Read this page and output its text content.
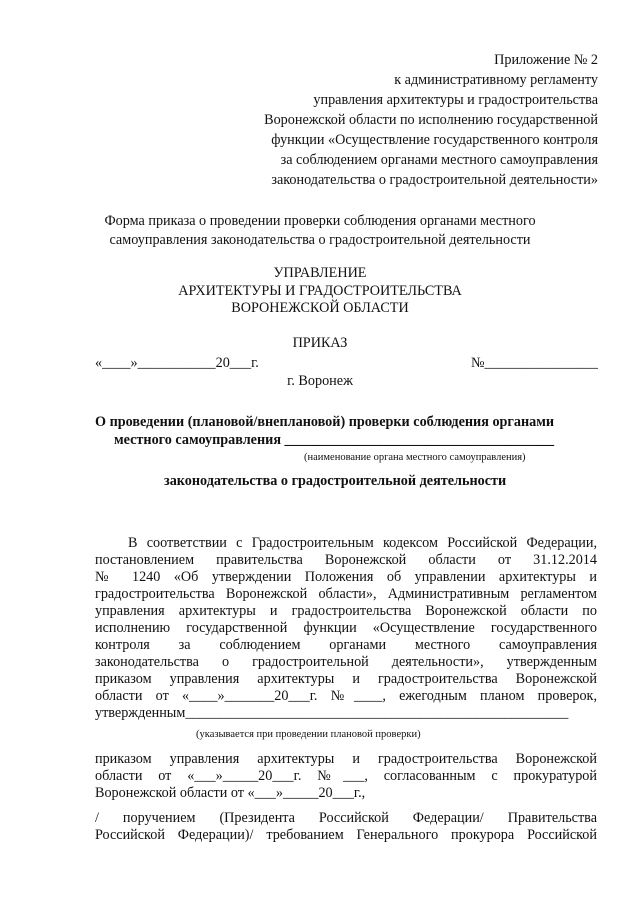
Приложение № 2
к административному регламенту
управления архитектуры и градостроительства
Воронежской области по исполнению государственной
функции «Осуществление государственного контроля
за соблюдением органами местного самоуправления
законодательства о градостроительной деятельности»
Форма приказа о проведении проверки соблюдения органами местного
самоуправления законодательства о градостроительной деятельности
УПРАВЛЕНИЕ
АРХИТЕКТУРЫ И ГРАДОСТРОИТЕЛЬСТВА
ВОРОНЕЖСКОЙ ОБЛАСТИ
ПРИКАЗ
«____»___________20___г.	№________________
г. Воронеж
О проведении (плановой/внеплановой) проверки соблюдения органами
местного самоуправления ______________________________________
(наименование органа местного самоуправления)
законодательства о градостроительной деятельности
В соответствии с Градостроительным кодексом Российской Федерации,
постановлением правительства Воронежской области от 31.12.2014
№ 1240 «Об утверждении Положения об управлении архитектуры и
градостроительства Воронежской области», Административным регламентом
управления архитектуры и градостроительства Воронежской области по
исполнению государственной функции «Осуществление государственного
контроля за соблюдением органами местного самоуправления
законодательства о градостроительной деятельности», утвержденным
приказом управления архитектуры и градостроительства Воронежской
области от «____»_______20___г. №____, ежегодным планом проверок,
утвержденным______________________________________________________
(указывается при проведении плановой проверки)
приказом управления архитектуры и градостроительства Воронежской
области от «___»_____20___г. №___, согласованным с прокуратурой
Воронежской области от «___»_____20___г.,
/ поручением (Президента Российской Федерации/ Правительства
Российской Федерации)/ требованием Генерального прокурора Российской
